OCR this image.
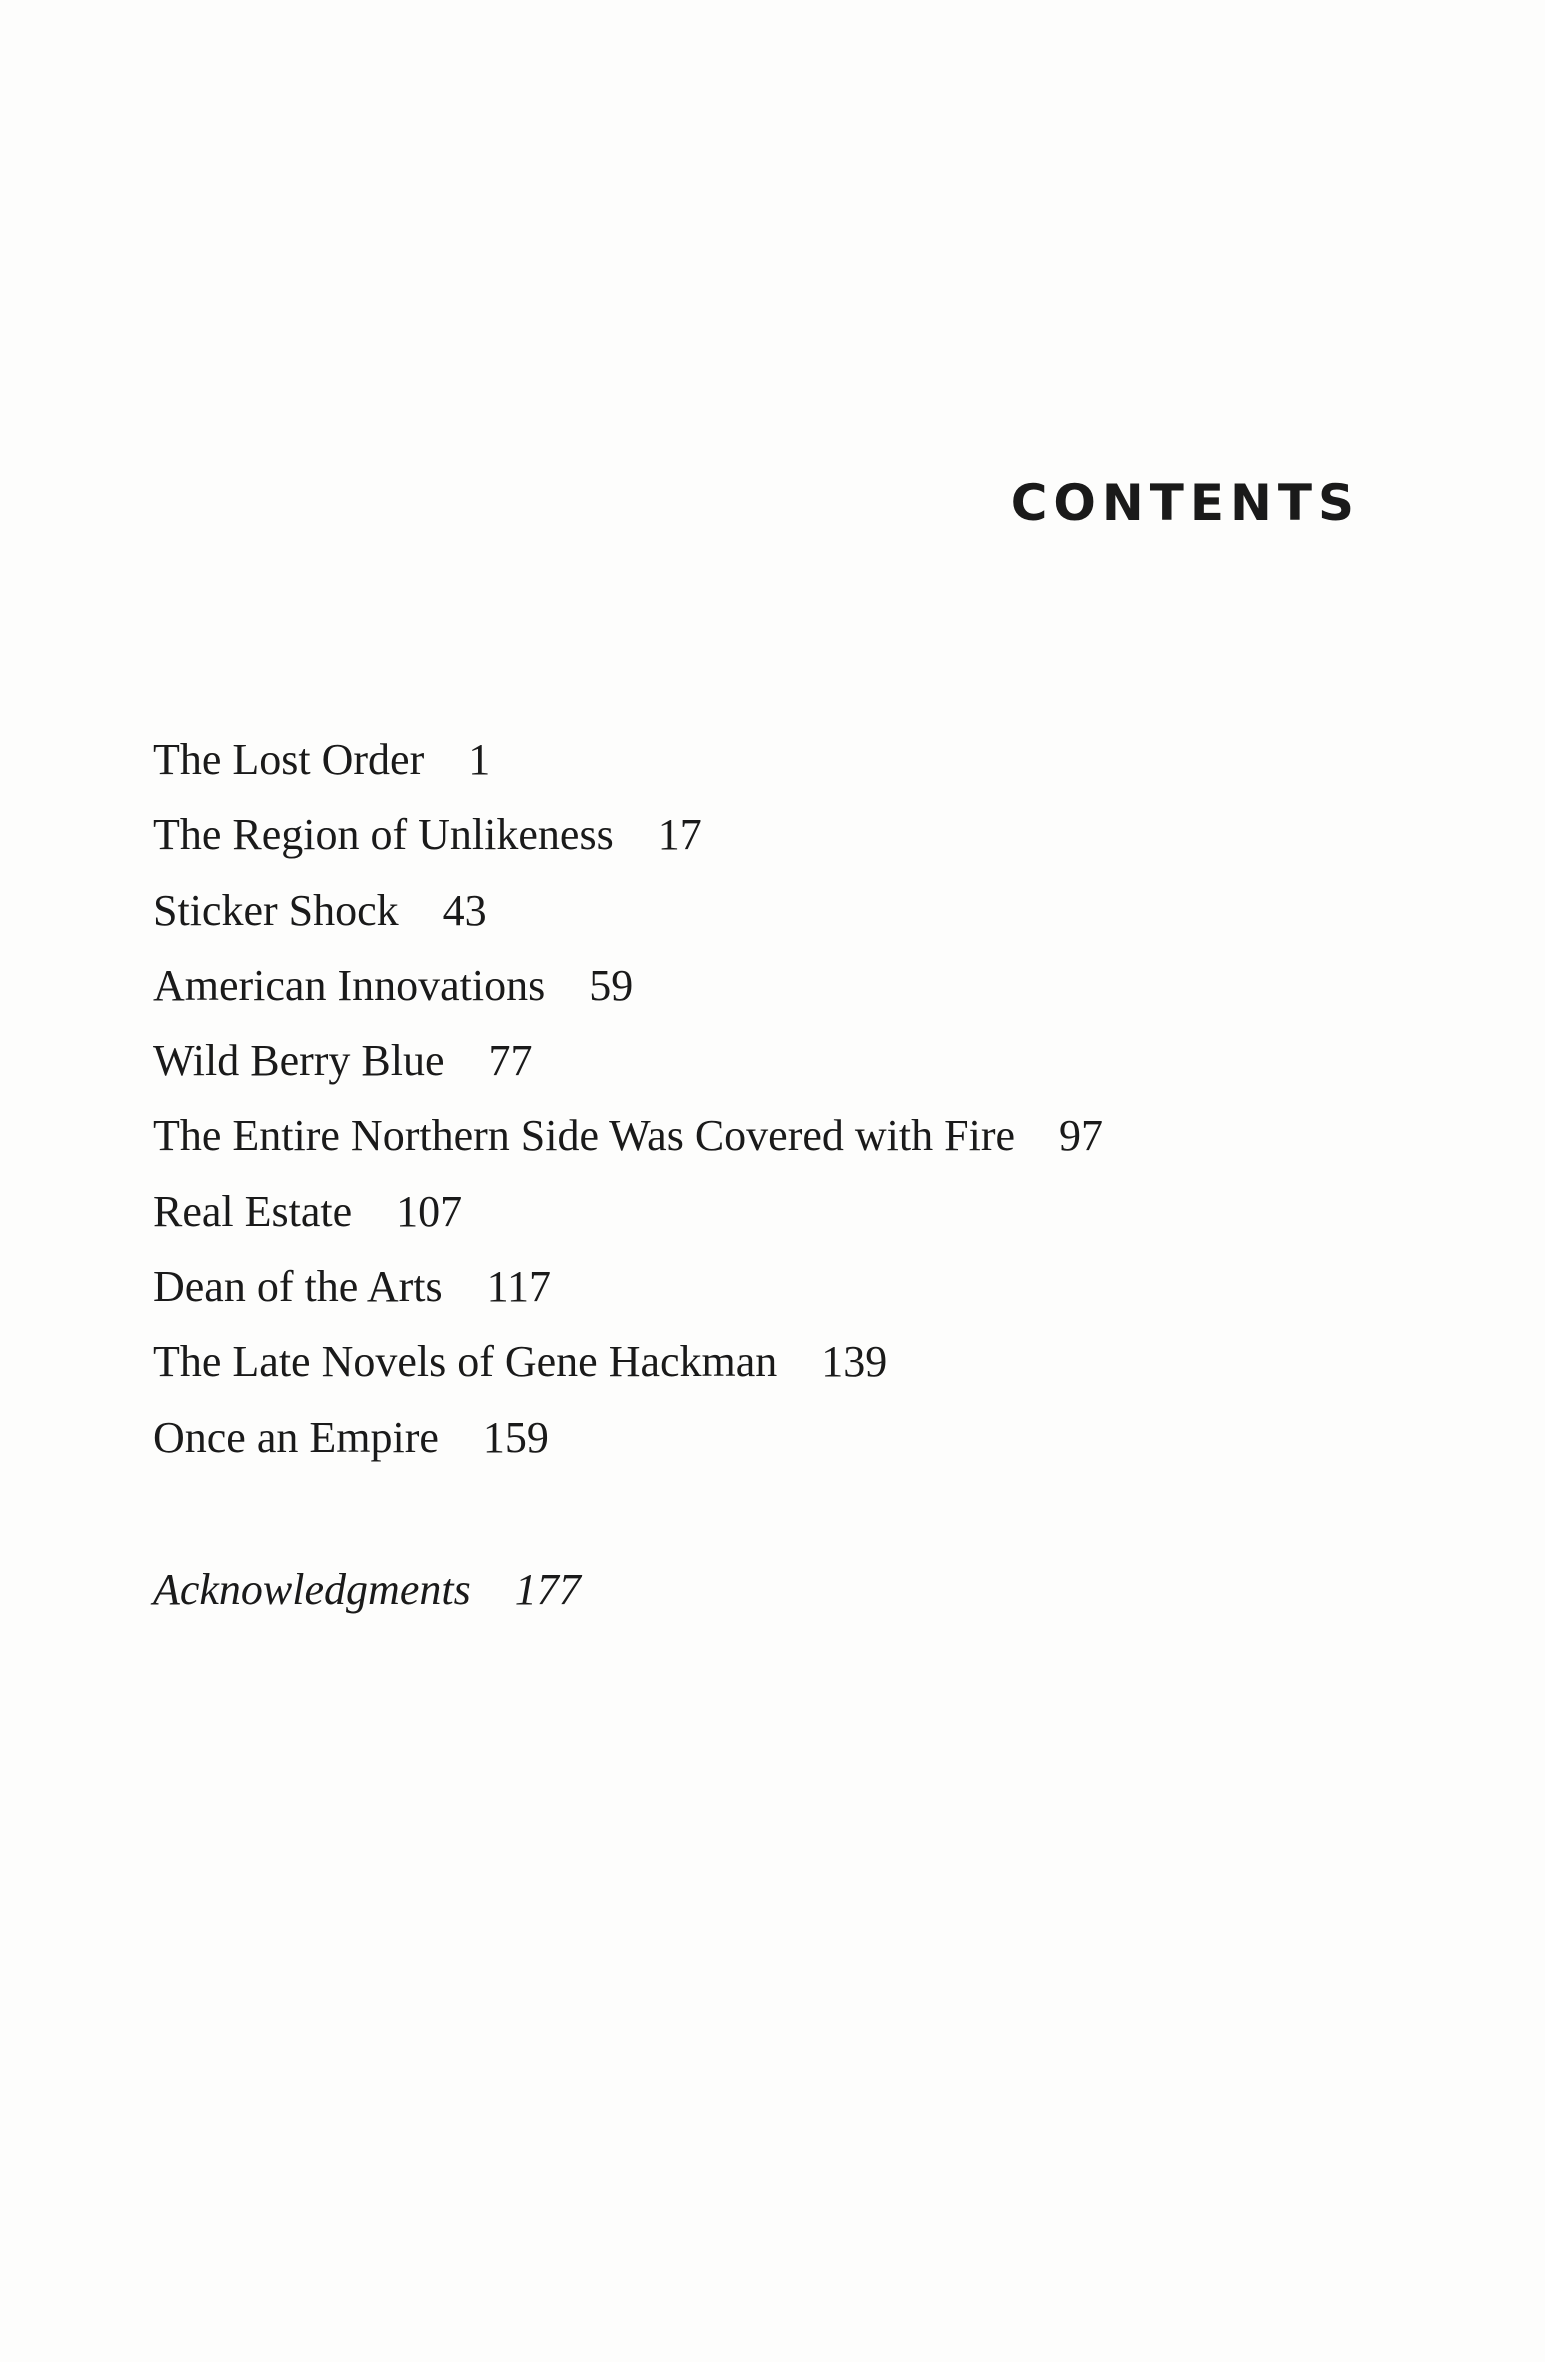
CONTENTS
The Lost Order 1
The Region of Unlikeness 17
Sticker Shock 43
American Innovations 59
Wild Berry Blue 77
The Entire Northern Side Was Covered with Fire 97
Real Estate 107
Dean of the Arts 117
The Late Novels of Gene Hackman 139
Once an Empire 159
Acknowledgments 177
